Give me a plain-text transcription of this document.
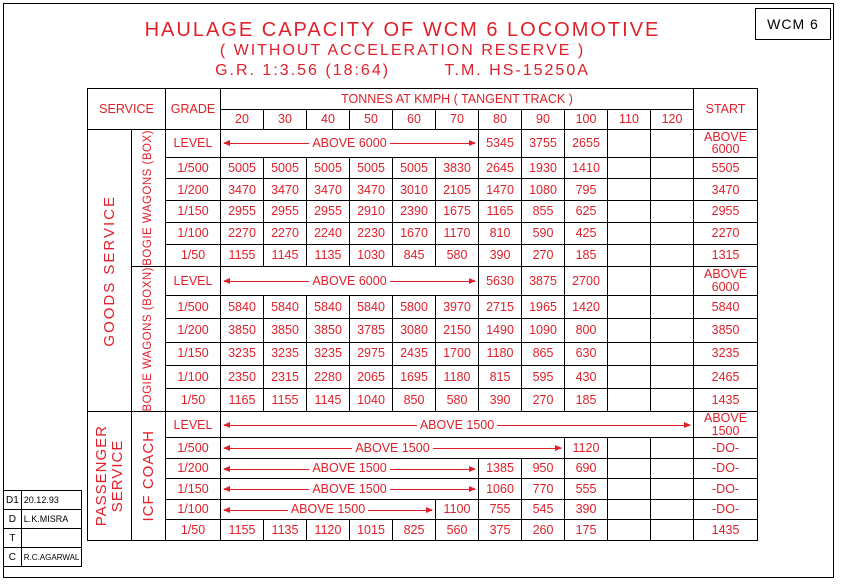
WCM 6
HAULAGE CAPACITY OF WCM 6 LOCOMOTIVE
( WITHOUT ACCELERATION RESERVE )
G.R. 1:3.56 (18:64)	T.M. HS-15250A
SERVICE		GRADE	TONNES AT KMPH ( TANGENT TRACK )											START
			20	30	40	50	60	70	80	90	100	110	120	

GOODS SERVICE	BOGIE WAGONS (BOX)	LEVEL	ABOVE 6000						5345	3755	2655			ABOVE
6000
		1/500	5005	5005	5005	5005	5005	3830	2645	1930	1410			5505
		1/200	3470	3470	3470	3470	3010	2105	1470	1080	795			3470
		1/150	2955	2955	2955	2910	2390	1675	1165	855	625			2955
		1/100	2270	2270	2240	2230	1670	1170	810	590	425			2270
		1/50	1155	1145	1135	1030	845	580	390	270	185			1315

	BOGIE WAGONS (BOXN)	LEVEL	ABOVE 6000						5630	3875	2700			ABOVE
6000
		1/500	5840	5840	5840	5840	5800	3970	2715	1965	1420			5840
		1/200	3850	3850	3850	3785	3080	2150	1490	1090	800			3850
		1/150	3235	3235	3235	2975	2435	1700	1180	865	630			3235
		1/100	2350	2315	2280	2065	1695	1180	815	595	430			2465
		1/50	1165	1155	1145	1040	850	580	390	270	185			1435

PASSENGER
SERVICE	ICF COACH	LEVEL	ABOVE 1500											ABOVE
1500
		1/500	ABOVE 1500								1120			-DO-
		1/200	ABOVE 1500						1385	950	690			-DO-
		1/150	ABOVE 1500						1060	770	555			-DO-
		1/100	ABOVE 1500					1100	755	545	390			-DO-
		1/50	1155	1135	1120	1015	825	560	375	260	175			1435
D1	20.12.93
D	L.K.MISRA
T	
C	R.C.AGARWAL
